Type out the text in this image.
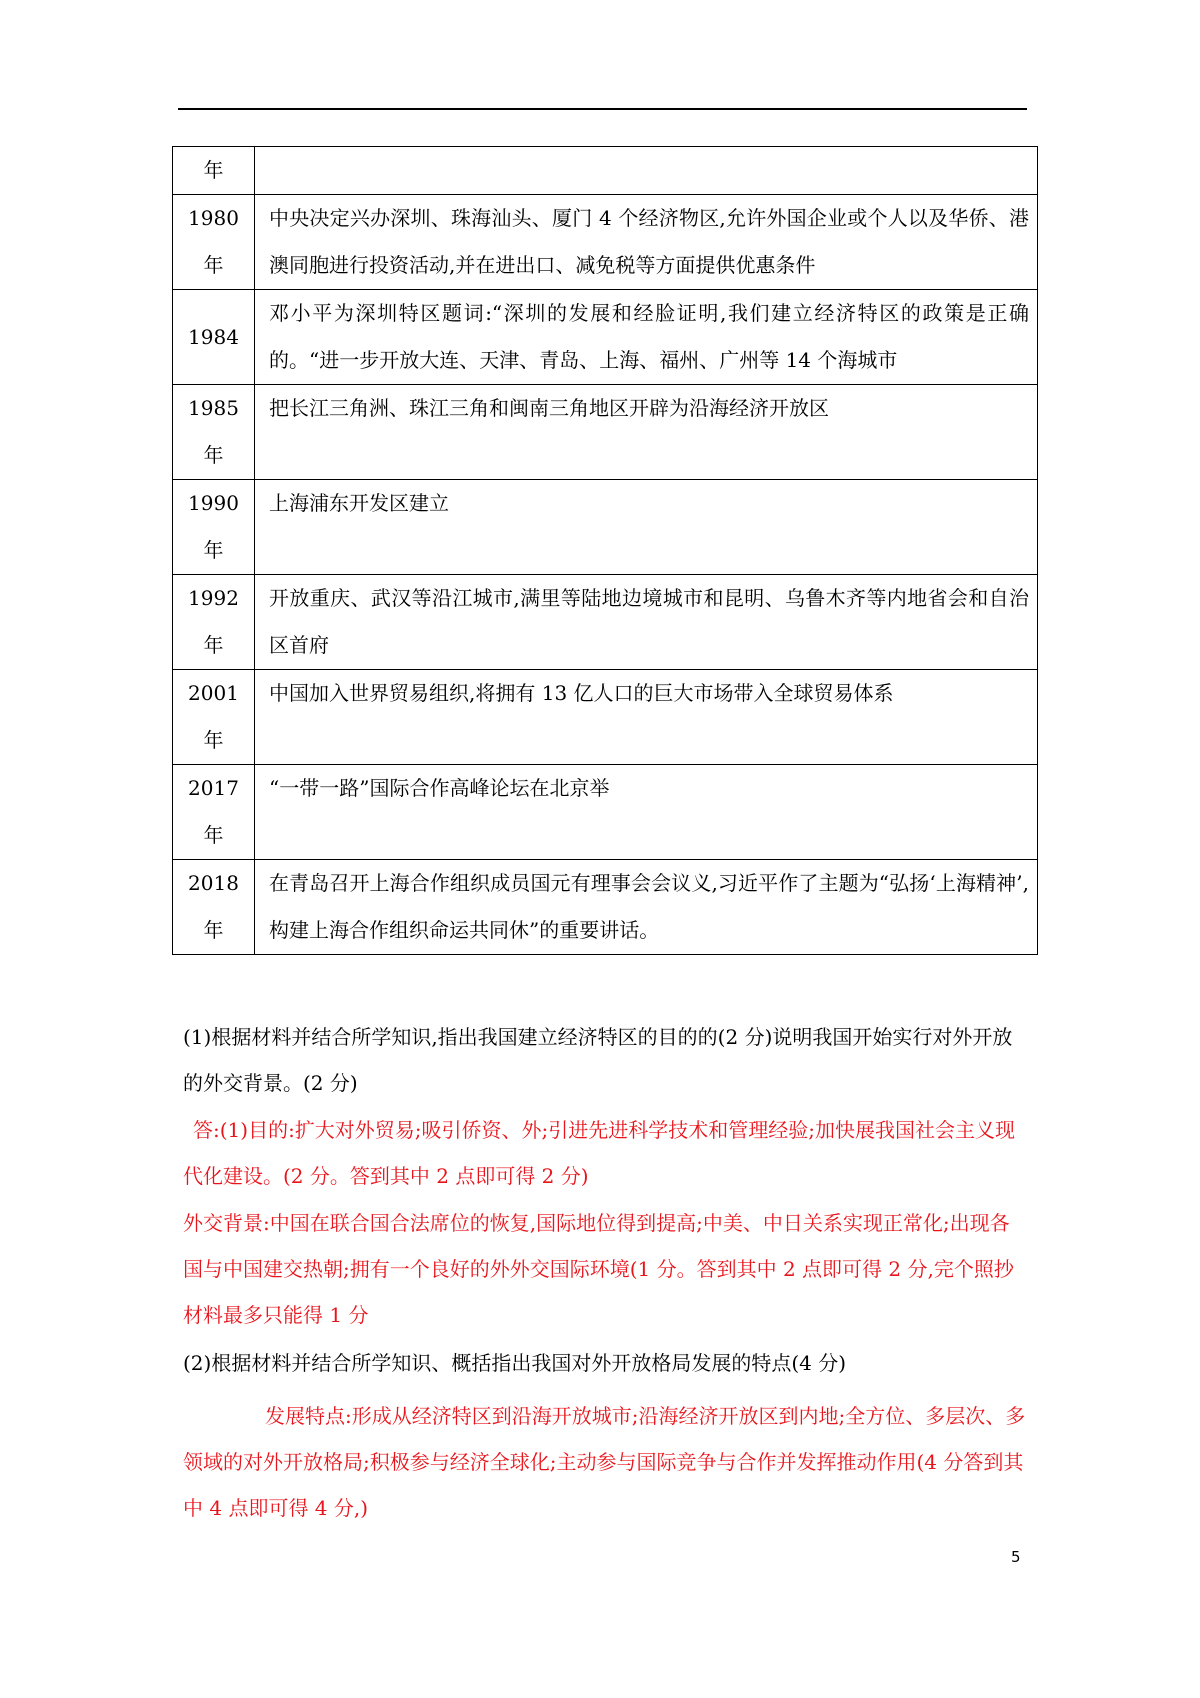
年	

1980
年	中央决定兴办深圳、珠海汕头、厦门 4 个经济物区,允许外国企业或个人以及华侨、港澳同胞进行投资活动,并在进出口、减免税等方面提供优惠条件

1984	邓小平为深圳特区题词:“深圳的发展和经脸证明,我们建立经济特区的政策是正确的。“进一步开放大连、天津、青岛、上海、福州、广州等 14 个海城市

1985
年	把长江三角洲、珠江三角和闽南三角地区开辟为沿海经济开放区

1990
年	上海浦东开发区建立

1992
年	开放重庆、武汉等沿江城市,满里等陆地边境城市和昆明、乌鲁木齐等内地省会和自治区首府

2001
年	中国加入世界贸易组织,将拥有 13 亿人口的巨大市场带入全球贸易体系

2017
年	“一带一路”国际合作高峰论坛在北京举

2018
年	在青岛召开上海合作组织成员国元有理事会会议义,习近平作了主题为“弘扬‘上海精神’,构建上海合作组织命运共同休”的重要讲话。
(1)根据材料并结合所学知识,指出我国建立经济特区的目的的(2 分)说明我国开始实行对外开放的外交背景。(2 分)
答:(1)目的:扩大对外贸易;吸引侨资、外;引进先进科学技术和管理经验;加快展我国社会主义现代化建设。(2 分。答到其中 2 点即可得 2 分)
外交背景:中国在联合国合法席位的恢复,国际地位得到提高;中美、中日关系实现正常化;出现各国与中国建交热朝;拥有一个良好的外外交国际环境(1 分。答到其中 2 点即可得 2 分,完个照抄材料最多只能得 1 分
(2)根据材料并结合所学知识、概括指出我国对外开放格局发展的特点(4 分)
发展特点:形成从经济特区到沿海开放城市;沿海经济开放区到内地;全方位、多层次、多领域的对外开放格局;积极参与经济全球化;主动参与国际竞争与合作并发挥推动作用(4 分答到其中 4 点即可得 4 分,)
5
